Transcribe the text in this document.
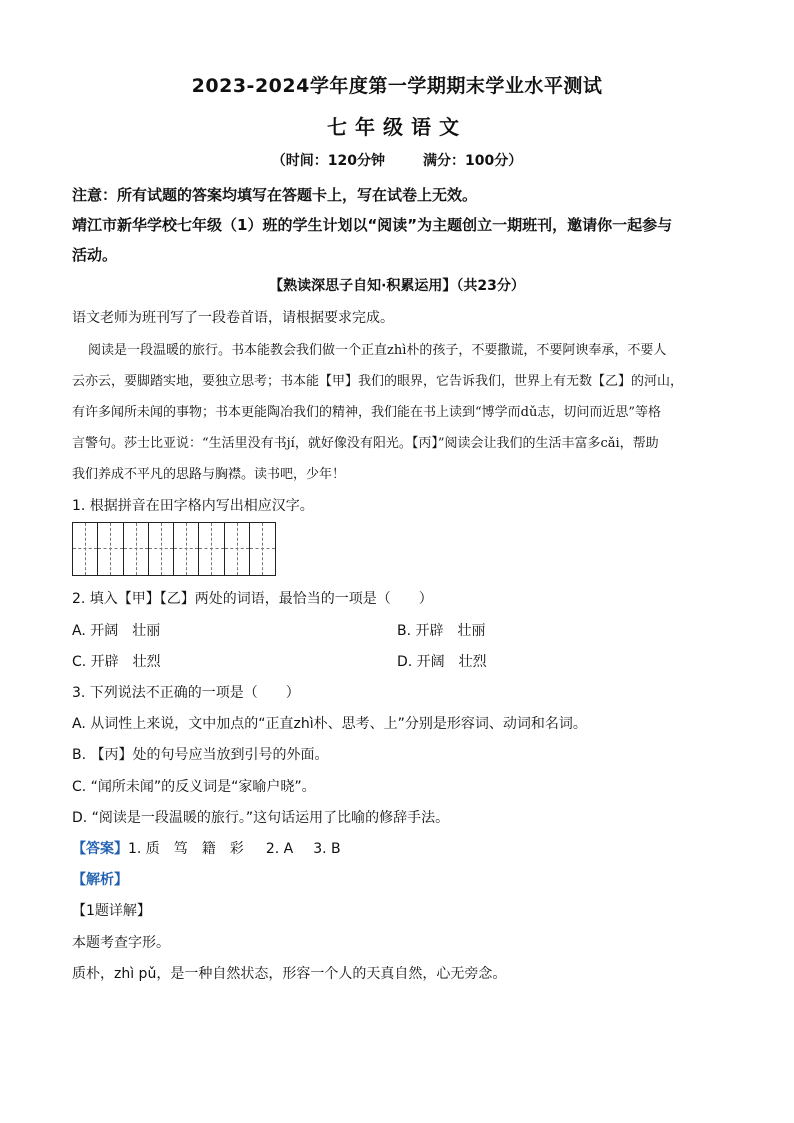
2023-2024学年度第一学期期末学业水平测试
七年级语文
（时间：120分钟	满分：100分）
注意：所有试题的答案均填写在答题卡上，写在试卷上无效。
靖江市新华学校七年级（1）班的学生计划以“阅读”为主题创立一期班刊，邀请你一起参与
活动。
【熟读深思子自知·积累运用】（共23分）
语文老师为班刊写了一段卷首语，请根据要求完成。
阅读是一段温暖的旅行。书本能教会我们做一个正直zhì朴的孩子，不要撒谎，不要阿谀奉承，不要人
云亦云，要脚踏实地，要独立思考；书本能【甲】我们的眼界，它告诉我们，世界上有无数【乙】的河山，
有许多闻所未闻的事物；书本更能陶冶我们的精神，我们能在书上读到“博学而dǔ志，切问而近思”等格
言警句。莎士比亚说：“生活里没有书jí，就好像没有阳光。【丙】”阅读会让我们的生活丰富多cǎi，帮助
我们养成不平凡的思路与胸襟。读书吧，少年！
1. 根据拼音在田字格内写出相应汉字。
2. 填入【甲】【乙】两处的词语，最恰当的一项是（　　）
A. 开阔　壮丽	B. 开辟　壮丽
C. 开辟　壮烈	D. 开阔　壮烈
3. 下列说法不正确的一项是（　　）
A. 从词性上来说，文中加点的“正直zhì朴、思考、上”分别是形容词、动词和名词。
B. 【丙】处的句号应当放到引号的外面。
C. “闻所未闻”的反义词是“家喻户晓”。
D. “阅读是一段温暖的旅行。”这句话运用了比喻的修辞手法。
【答案】1. 质　笃　籍　彩 2. A 3. B
【解析】
【1题详解】
本题考查字形。
质朴，zhì pǔ，是一种自然状态，形容一个人的天真自然，心无旁念。
